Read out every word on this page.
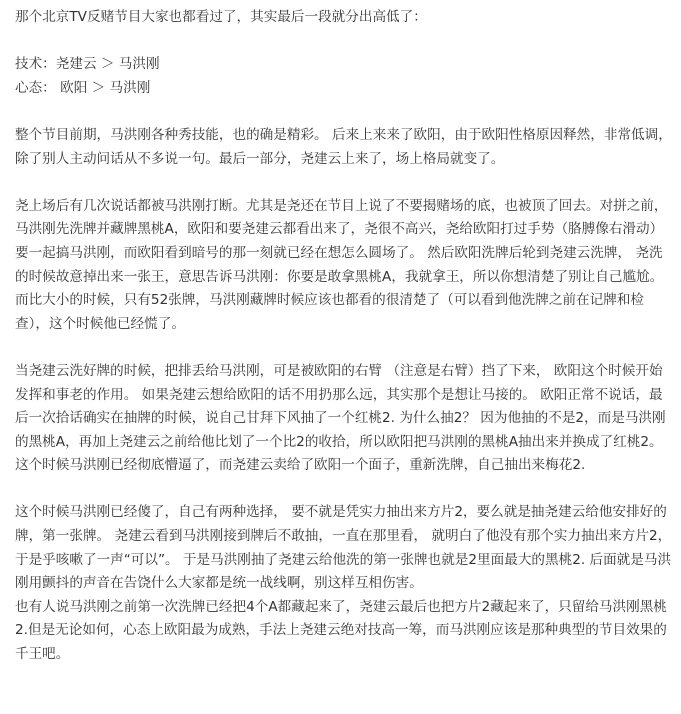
那个北京TV反赌节目大家也都看过了，其实最后一段就分出高低了：

技术：尧建云 ＞ 马洪刚

心态： 欧阳 ＞ 马洪刚

整个节目前期，马洪刚各种秀技能，也的确是精彩。 后来上来来了欧阳，由于欧阳性格原因释然，非常低调，除了别人主动问话从不多说一句。最后一部分，尧建云上来了，场上格局就变了。

尧上场后有几次说话都被马洪刚打断。尤其是尧还在节目上说了不要揭赌场的底，也被顶了回去。对拼之前，马洪刚先洗牌并藏牌黑桃A，欧阳和要尧建云都看出来了，尧很不高兴，尧给欧阳打过手势（胳膊像右滑动）要一起搞马洪刚，而欧阳看到暗号的那一刻就已经在想怎么圆场了。 然后欧阳洗牌后轮到尧建云洗牌， 尧洗的时候故意掉出来一张王，意思告诉马洪刚：你要是敢拿黑桃A，我就拿王，所以你想清楚了别让自己尴尬。 而比大小的时候，只有52张牌，马洪刚藏牌时候应该也都看的很清楚了（可以看到他洗牌之前在记牌和检查），这个时候他已经慌了。

当尧建云洗好牌的时候，把排丢给马洪刚，可是被欧阳的右臂 （注意是右臂）挡了下来， 欧阳这个时候开始发挥和事老的作用。 如果尧建云想给欧阳的话不用扔那么远，其实那个是想让马接的。 欧阳正常不说话，最后一次拾话确实在抽牌的时候，说自己甘拜下风抽了一个红桃2. 为什么抽2？ 因为他抽的不是2，而是马洪刚的黑桃A，再加上尧建云之前给他比划了一个比2的收拾，所以欧阳把马洪刚的黑桃A抽出来并换成了红桃2。 这个时候马洪刚已经彻底懵逼了，而尧建云卖给了欧阳一个面子，重新洗牌，自己抽出来梅花2.

这个时候马洪刚已经傻了，自己有两种选择， 要不就是凭实力抽出来方片2，要么就是抽尧建云给他安排好的牌，第一张牌。 尧建云看到马洪刚接到牌后不敢抽，一直在那里看， 就明白了他没有那个实力抽出来方片2， 于是乎咳嗽了一声“可以”。 于是马洪刚抽了尧建云给他洗的第一张牌也就是2里面最大的黑桃2. 后面就是马洪刚用颤抖的声音在告饶什么大家都是统一战线啊，别这样互相伤害。

也有人说马洪刚之前第一次洗牌已经把4个A都藏起来了，尧建云最后也把方片2藏起来了，只留给马洪刚黑桃2.但是无论如何，心态上欧阳最为成熟，手法上尧建云绝对技高一筹，而马洪刚应该是那种典型的节目效果的千王吧。
